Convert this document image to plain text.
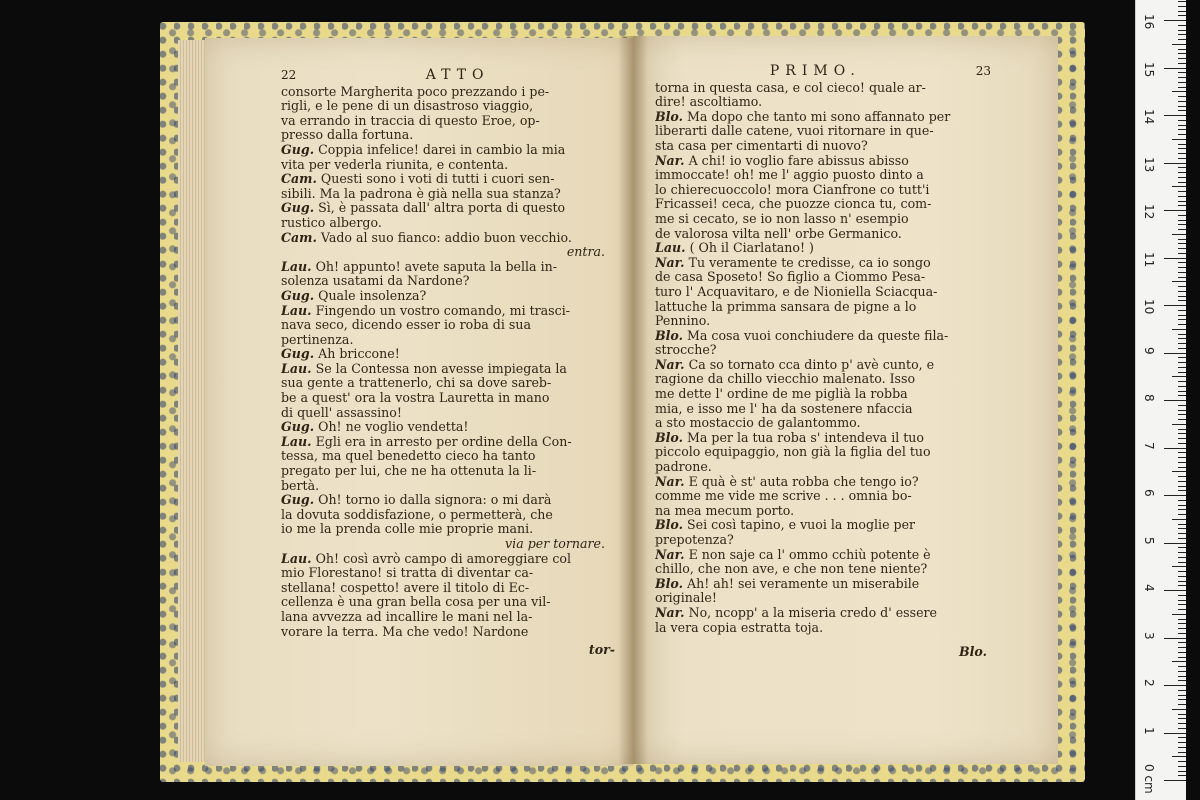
22	ATTO
consorte Margherita poco prezzando i pe-
rigli, e le pene di un disastroso viaggio,
va errando in traccia di questo Eroe, op-
presso dalla fortuna.
Gug. Coppia infelice! darei in cambio la mia
vita per vederla riunita, e contenta.
Cam. Questi sono i voti di tutti i cuori sen-
sibili. Ma la padrona è già nella sua stanza?
Gug. Sì, è passata dall' altra porta di questo
rustico albergo.
Cam. Vado al suo fianco: addio buon vecchio.
entra.
Lau. Oh! appunto! avete saputa la bella in-
solenza usatami da Nardone?
Gug. Quale insolenza?
Lau. Fingendo un vostro comando, mi trasci-
nava seco, dicendo esser io roba di sua
pertinenza.
Gug. Ah briccone!
Lau. Se la Contessa non avesse impiegata la
sua gente a trattenerlo, chi sa dove sareb-
be a quest' ora la vostra Lauretta in mano
di quell' assassino!
Gug. Oh! ne voglio vendetta!
Lau. Egli era in arresto per ordine della Con-
tessa, ma quel benedetto cieco ha tanto
pregato per lui, che ne ha ottenuta la li-
bertà.
Gug. Oh! torno io dalla signora: o mi darà
la dovuta soddisfazione, o permetterà, che
io me la prenda colle mie proprie mani.
via per tornare.
Lau. Oh! così avrò campo di amoreggiare col
mio Florestano! si tratta di diventar ca-
stellana! cospetto! avere il titolo di Ec-
cellenza è una gran bella cosa per una vil-
lana avvezza ad incallire le mani nel la-
vorare la terra. Ma che vedo! Nardone
tor-
PRIMO.	23
torna in questa casa, e col cieco! quale ar-
dire! ascoltiamo.
Blo. Ma dopo che tanto mi sono affannato per
liberarti dalle catene, vuoi ritornare in que-
sta casa per cimentarti di nuovo?
Nar. A chi! io voglio fare abissus abisso
immoccate! oh! me l' aggio puosto dinto a
lo chierecuoccolo! mora Cianfrone co tutt'i
Fricassei! ceca, che puozze cionca tu, com-
me si cecato, se io non lasso n' esempio
de valorosa vilta nell' orbe Germanico.
Lau. ( Oh il Ciarlatano! )
Nar. Tu veramente te credisse, ca io songo
de casa Sposeto! So figlio a Ciommo Pesa-
turo l' Acquavitaro, e de Nioniella Sciacqua-
lattuche la primma sansara de pigne a lo
Pennino.
Blo. Ma cosa vuoi conchiudere da queste fila-
strocche?
Nar. Ca so tornato cca dinto p' avè cunto, e
ragione da chillo viecchio malenato. Isso
me dette l' ordine de me piglià la robba
mia, e isso me l' ha da sostenere nfaccia
a sto mostaccio de galantommo.
Blo. Ma per la tua roba s' intendeva il tuo
piccolo equipaggio, non già la figlia del tuo
padrone.
Nar. E quà è st' auta robba che tengo io?
comme me vide me scrive . . . omnia bo-
na mea mecum porto.
Blo. Sei così tapino, e vuoi la moglie per
prepotenza?
Nar. E non saje ca l' ommo cchiù potente è
chillo, che non ave, e che non tene niente?
Blo. Ah! ah! sei veramente un miserabile
originale!
Nar. No, ncopp' a la miseria credo d' essere
la vera copia estratta toja.
Blo.
0 cm
1
2
3
4
5
6
7
8
9
10
11
12
13
14
15
16
